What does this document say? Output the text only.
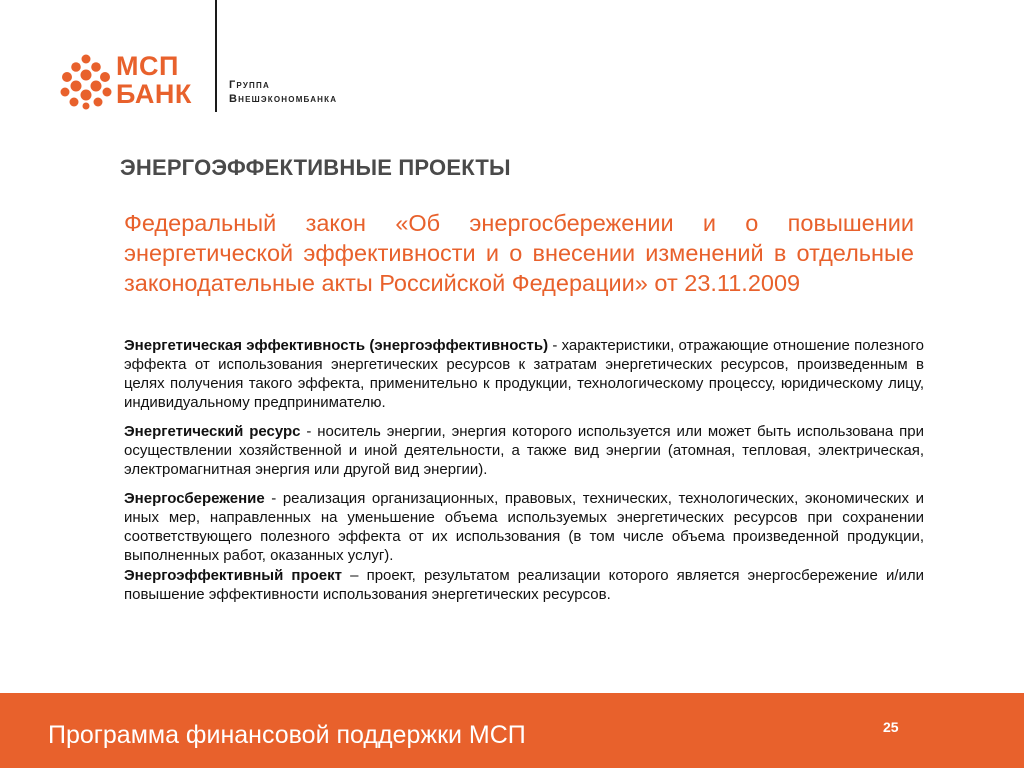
МСП
БАНК	Группа
Внешэкономбанка
ЭНЕРГОЭФФЕКТИВНЫЕ ПРОЕКТЫ
Федеральный закон «Об энергосбережении и о повышении энергетической эффективности и о внесении изменений в отдельные законодательные акты Российской Федерации» от 23.11.2009

Энергетическая эффективность (энергоэффективность) - характеристики, отражающие отношение полезного эффекта от использования энергетических ресурсов к затратам энергетических ресурсов, произведенным в целях получения такого эффекта, применительно к продукции, технологическому процессу, юридическому лицу, индивидуальному предпринимателю.

Энергетический ресурс - носитель энергии, энергия которого используется или может быть использована при осуществлении хозяйственной и иной деятельности, а также вид энергии (атомная, тепловая, электрическая, электромагнитная энергия или другой вид энергии).

Энергосбережение - реализация организационных, правовых, технических, технологических, экономических и иных мер, направленных на уменьшение объема используемых энергетических ресурсов при сохранении соответствующего полезного эффекта от их использования (в том числе объема произведенной продукции, выполненных работ, оказанных услуг).

Энергоэффективный проект – проект, результатом реализации которого является энергосбережение и/или повышение эффективности использования энергетических ресурсов.

Программа финансовой поддержки МСП	25
